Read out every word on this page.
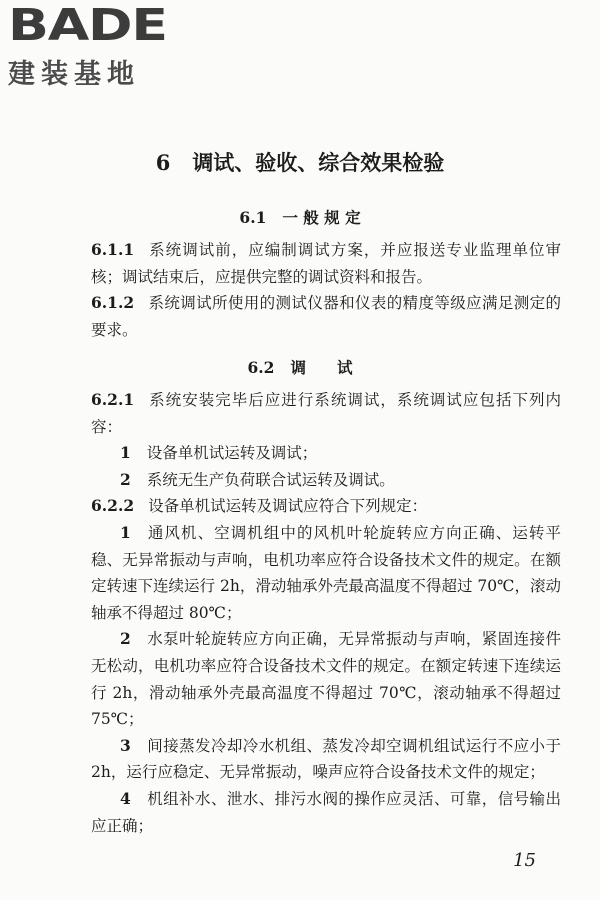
BADE
建装基地
6 调试、验收、综合效果检验
6.1 一 般 规 定

6.1.1 系统调试前，应编制调试方案，并应报送专业监理单位审核；调试结束后，应提供完整的调试资料和报告。

6.1.2 系统调试所使用的测试仪器和仪表的精度等级应满足测定的要求。

6.2 调　　试

6.2.1 系统安装完毕后应进行系统调试，系统调试应包括下列内容：

1 设备单机试运转及调试；

2 系统无生产负荷联合试运转及调试。

6.2.2 设备单机试运转及调试应符合下列规定：

1 通风机、空调机组中的风机叶轮旋转应方向正确、运转平稳、无异常振动与声响，电机功率应符合设备技术文件的规定。在额定转速下连续运行 2h，滑动轴承外壳最高温度不得超过 70℃，滚动轴承不得超过 80℃；

2 水泵叶轮旋转应方向正确，无异常振动与声响，紧固连接件无松动，电机功率应符合设备技术文件的规定。在额定转速下连续运行 2h，滑动轴承外壳最高温度不得超过 70℃，滚动轴承不得超过 75℃；

3 间接蒸发冷却冷水机组、蒸发冷却空调机组试运行不应小于 2h，运行应稳定、无异常振动，噪声应符合设备技术文件的规定；

4 机组补水、泄水、排污水阀的操作应灵活、可靠，信号输出应正确；

15
